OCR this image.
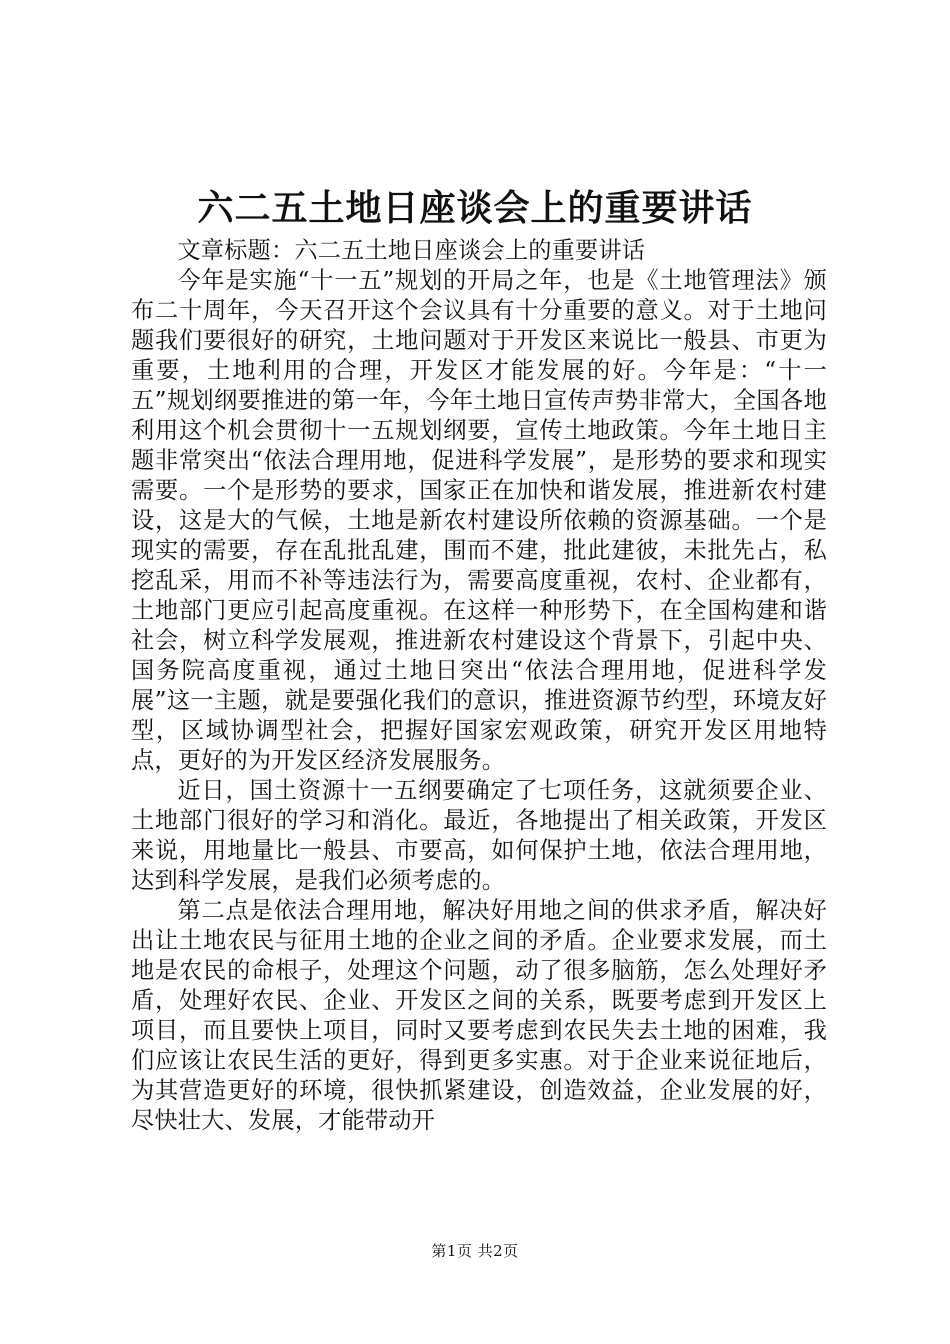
六二五土地日座谈会上的重要讲话

文章标题：六二五土地日座谈会上的重要讲话

今年是实施“十一五”规划的开局之年，也是《土地管理法》颁布二十周年，今天召开这个会议具有十分重要的意义。对于土地问题我们要很好的研究，土地问题对于开发区来说比一般县、市更为重要，土地利用的合理，开发区才能发展的好。今年是：“十一五”规划纲要推进的第一年，今年土地日宣传声势非常大，全国各地利用这个机会贯彻十一五规划纲要，宣传土地政策。今年土地日主题非常突出“依法合理用地，促进科学发展”，是形势的要求和现实需要。一个是形势的要求，国家正在加快和谐发展，推进新农村建设，这是大的气候，土地是新农村建设所依赖的资源基础。一个是现实的需要，存在乱批乱建，围而不建，批此建彼，未批先占，私挖乱采，用而不补等违法行为，需要高度重视，农村、企业都有，土地部门更应引起高度重视。在这样一种形势下，在全国构建和谐社会，树立科学发展观，推进新农村建设这个背景下，引起中央、国务院高度重视，通过土地日突出“依法合理用地，促进科学发展”这一主题，就是要强化我们的意识，推进资源节约型，环境友好型，区域协调型社会，把握好国家宏观政策，研究开发区用地特点，更好的为开发区经济发展服务。

近日，国土资源十一五纲要确定了七项任务，这就须要企业、土地部门很好的学习和消化。最近，各地提出了相关政策，开发区来说，用地量比一般县、市要高，如何保护土地，依法合理用地，达到科学发展，是我们必须考虑的。

第二点是依法合理用地，解决好用地之间的供求矛盾，解决好出让土地农民与征用土地的企业之间的矛盾。企业要求发展，而土地是农民的命根子，处理这个问题，动了很多脑筋，怎么处理好矛盾，处理好农民、企业、开发区之间的关系，既要考虑到开发区上项目，而且要快上项目，同时又要考虑到农民失去土地的困难，我们应该让农民生活的更好，得到更多实惠。对于企业来说征地后，为其营造更好的环境，很快抓紧建设，创造效益，企业发展的好，尽快壮大、发展，才能带动开

第1页 共2页
